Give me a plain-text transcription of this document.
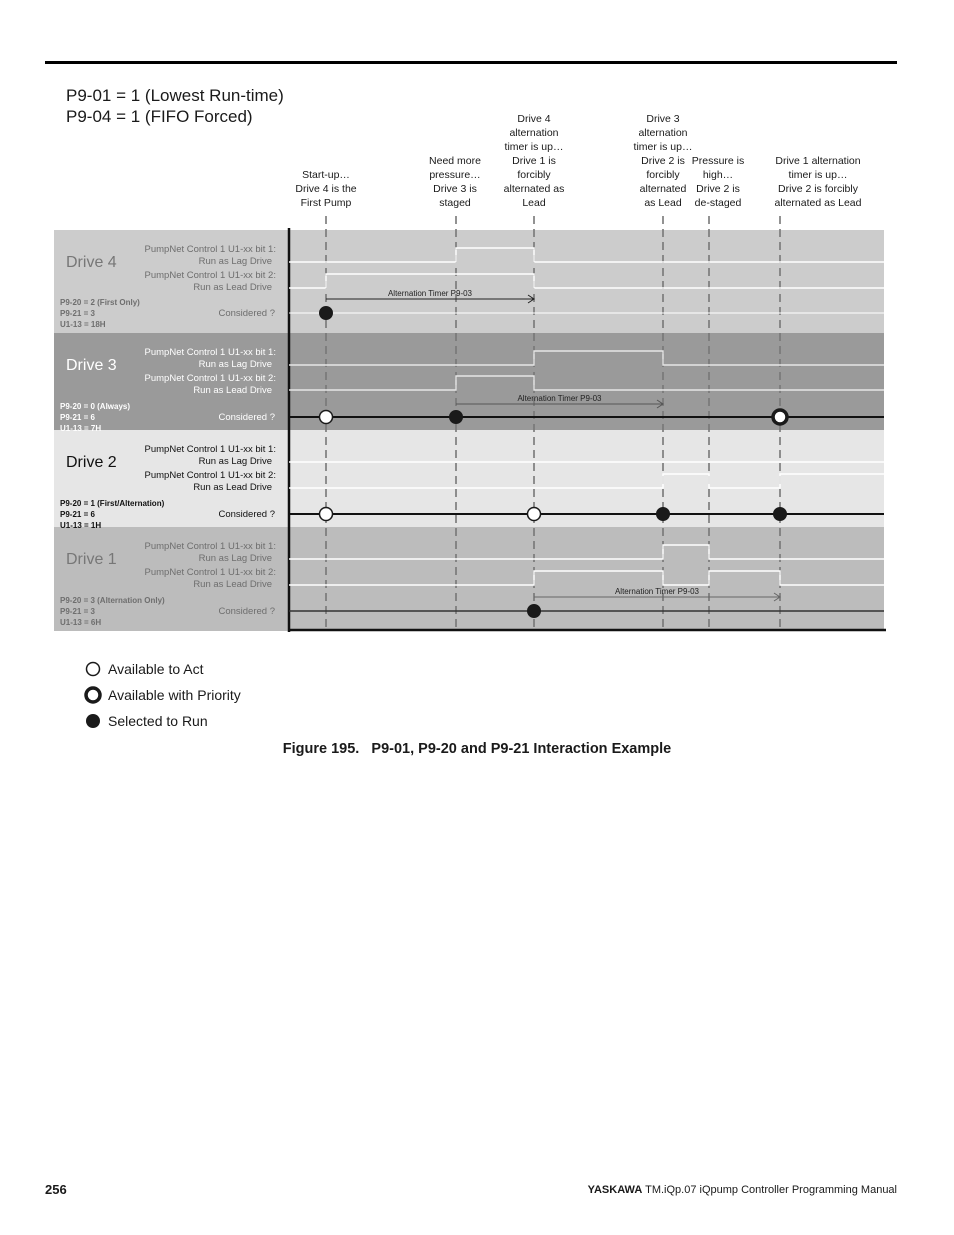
P9-01 = 1 (Lowest Run-time)
P9-04 = 1 (FIFO Forced)
Start-up…
Drive 4 is the
First Pump
Need more
pressure…
Drive 3 is
staged
Drive 4
alternation
timer is up…
Drive 1 is
forcibly
alternated as
Lead
Drive 3
alternation
timer is up…
Drive 2 is
forcibly
alternated
as Lead
Pressure is
high…
Drive 2 is
de-staged
Drive 1 alternation
timer is up…
Drive 2 is forcibly
alternated as Lead
Alternation Timer P9-03
Alternation Timer P9-03
Alternation Timer P9-03
Drive 4
PumpNet Control 1 U1-xx bit 1:
Run as Lag Drive
PumpNet Control 1 U1-xx bit 2:
Run as Lead Drive
Considered ?
P9-20 = 2 (First Only)
P9-21 = 3
U1-13 = 18H
Drive 3
PumpNet Control 1 U1-xx bit 1:
Run as Lag Drive
PumpNet Control 1 U1-xx bit 2:
Run as Lead Drive
Considered ?
P9-20 = 0 (Always)
P9-21 = 6
U1-13 = 7H
Drive 2
PumpNet Control 1 U1-xx bit 1:
Run as Lag Drive
PumpNet Control 1 U1-xx bit 2:
Run as Lead Drive
Considered ?
P9-20 = 1 (First/Alternation)
P9-21 = 6
U1-13 = 1H
Drive 1
PumpNet Control 1 U1-xx bit 1:
Run as Lag Drive
PumpNet Control 1 U1-xx bit 2:
Run as Lead Drive
Considered ?
P9-20 = 3 (Alternation Only)
P9-21 = 3
U1-13 = 6H
Available to Act
Available with Priority
Selected to Run
Figure 195.   P9-01, P9-20 and P9-21 Interaction Example
256	YASKAWA TM.iQp.07 iQpump Controller Programming Manual
